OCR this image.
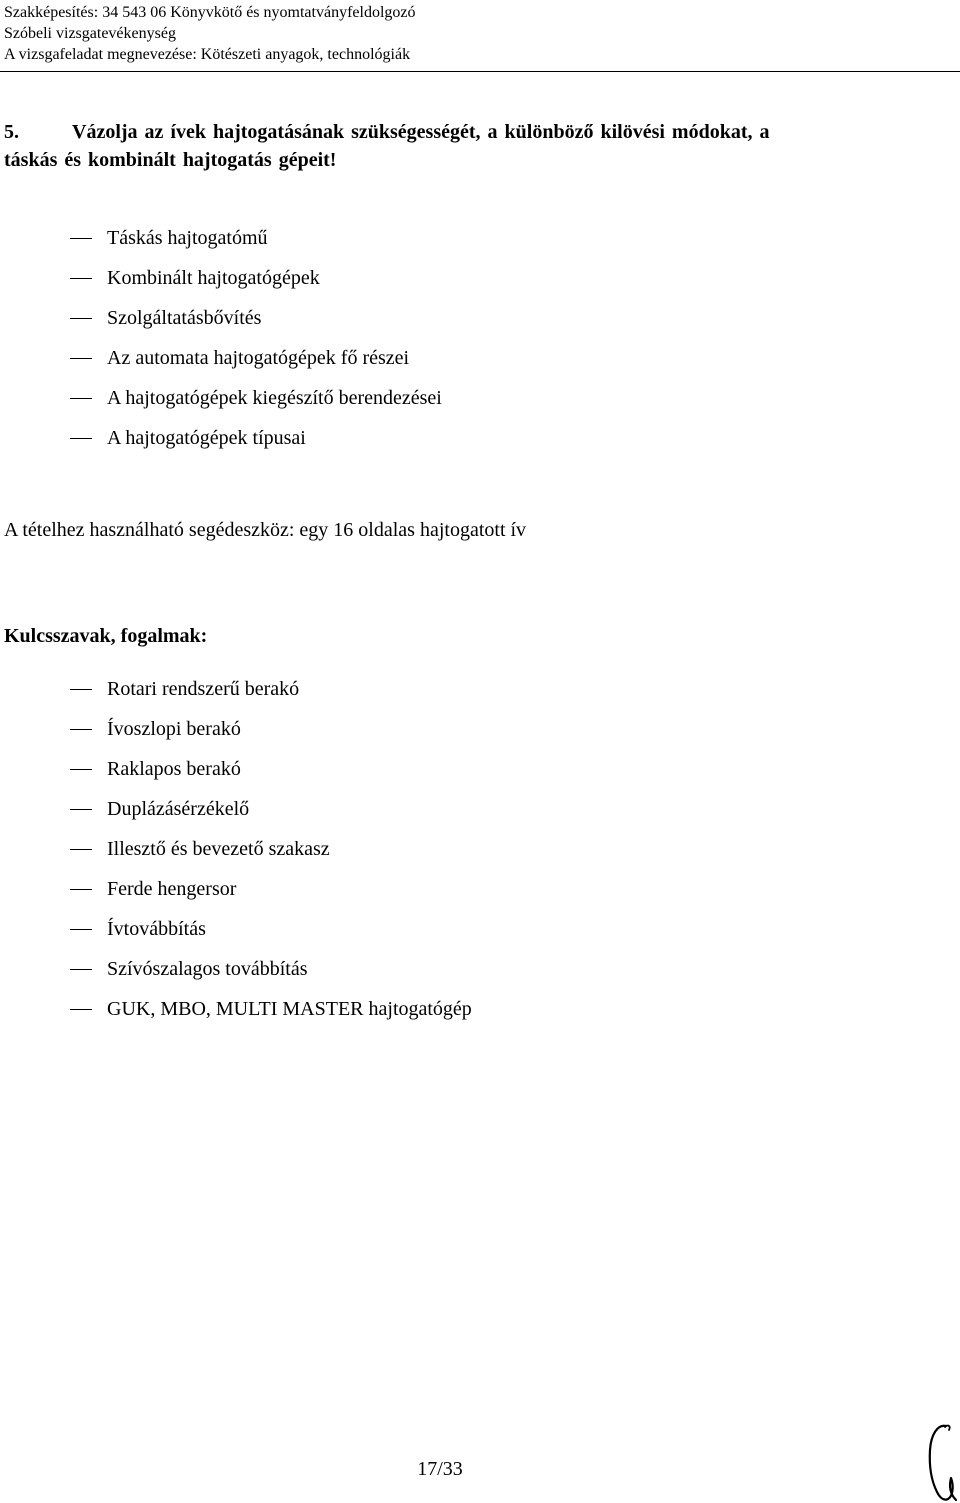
Szakképesítés: 34 543 06 Könyvkötő és nyomtatványfeldolgozó
Szóbeli vizsgatevékenység
A vizsgafeladat megnevezése: Kötészeti anyagok, technológiák
5.	Vázolja az ívek hajtogatásának szükségességét, a különböző kilövési módokat, a
táskás és kombinált hajtogatás gépeit!
Táskás hajtogatómű
Kombinált hajtogatógépek
Szolgáltatásbővítés
Az automata hajtogatógépek fő részei
A hajtogatógépek kiegészítő berendezései
A hajtogatógépek típusai
A tételhez használható segédeszköz: egy 16 oldalas hajtogatott ív
Kulcsszavak, fogalmak:
Rotari rendszerű berakó
Ívoszlopi berakó
Raklapos berakó
Duplázásérzékelő
Illesztő és bevezető szakasz
Ferde hengersor
Ívtovábbítás
Szívószalagos továbbítás
GUK, MBO, MULTI MASTER hajtogatógép
17/33
